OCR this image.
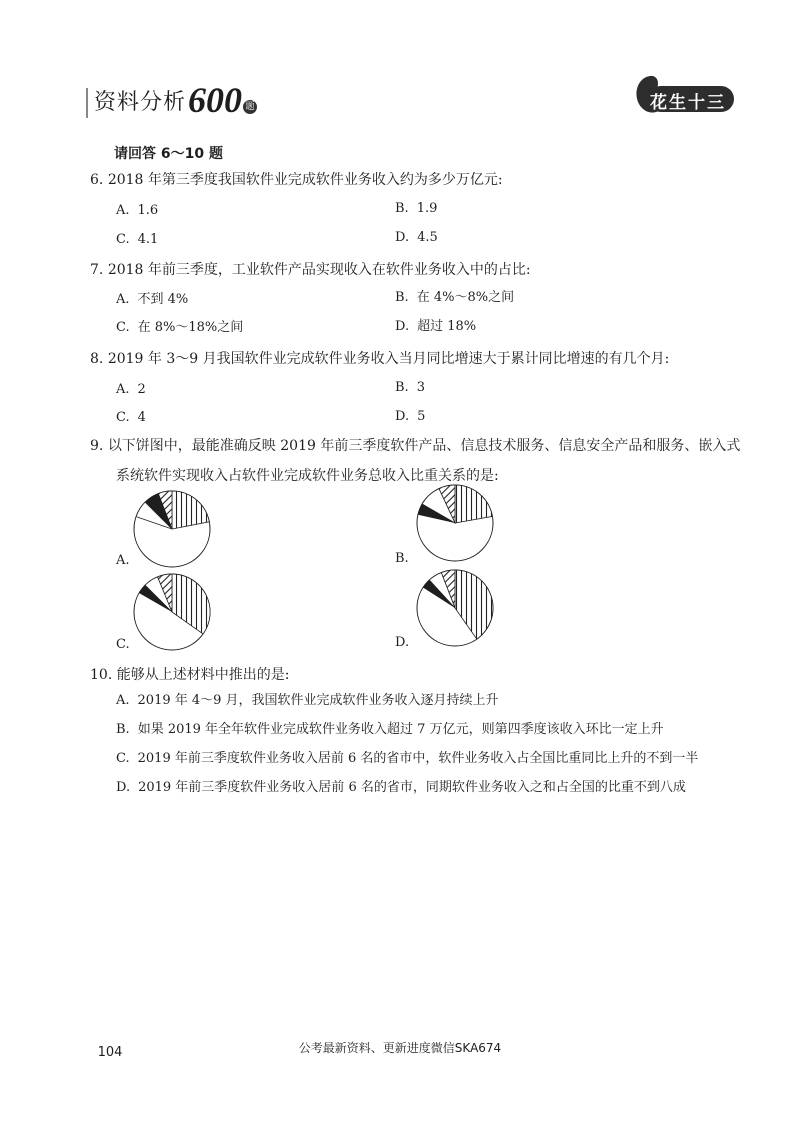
资料分析 600 题	花生十三
请回答 6～10 题
6. 2018 年第三季度我国软件业完成软件业务收入约为多少万亿元:
A. 1.6	B. 1.9
C. 4.1	D. 4.5
7. 2018 年前三季度，工业软件产品实现收入在软件业务收入中的占比:
A. 不到 4%	B. 在 4%～8%之间
C. 在 8%～18%之间	D. 超过 18%
8. 2019 年 3～9 月我国软件业完成软件业务收入当月同比增速大于累计同比增速的有几个月:
A. 2	B. 3
C. 4	D. 5
9. 以下饼图中，最能准确反映 2019 年前三季度软件产品、信息技术服务、信息安全产品和服务、嵌入式
系统软件实现收入占软件业完成软件业务总收入比重关系的是:
A.	B.
C.	D.
10. 能够从上述材料中推出的是:
A. 2019 年 4～9 月，我国软件业完成软件业务收入逐月持续上升
B. 如果 2019 年全年软件业完成软件业务收入超过 7 万亿元，则第四季度该收入环比一定上升
C. 2019 年前三季度软件业务收入居前 6 名的省市中，软件业务收入占全国比重同比上升的不到一半
D. 2019 年前三季度软件业务收入居前 6 名的省市，同期软件业务收入之和占全国的比重不到八成
104	公考最新资料、更新进度微信SKA674
